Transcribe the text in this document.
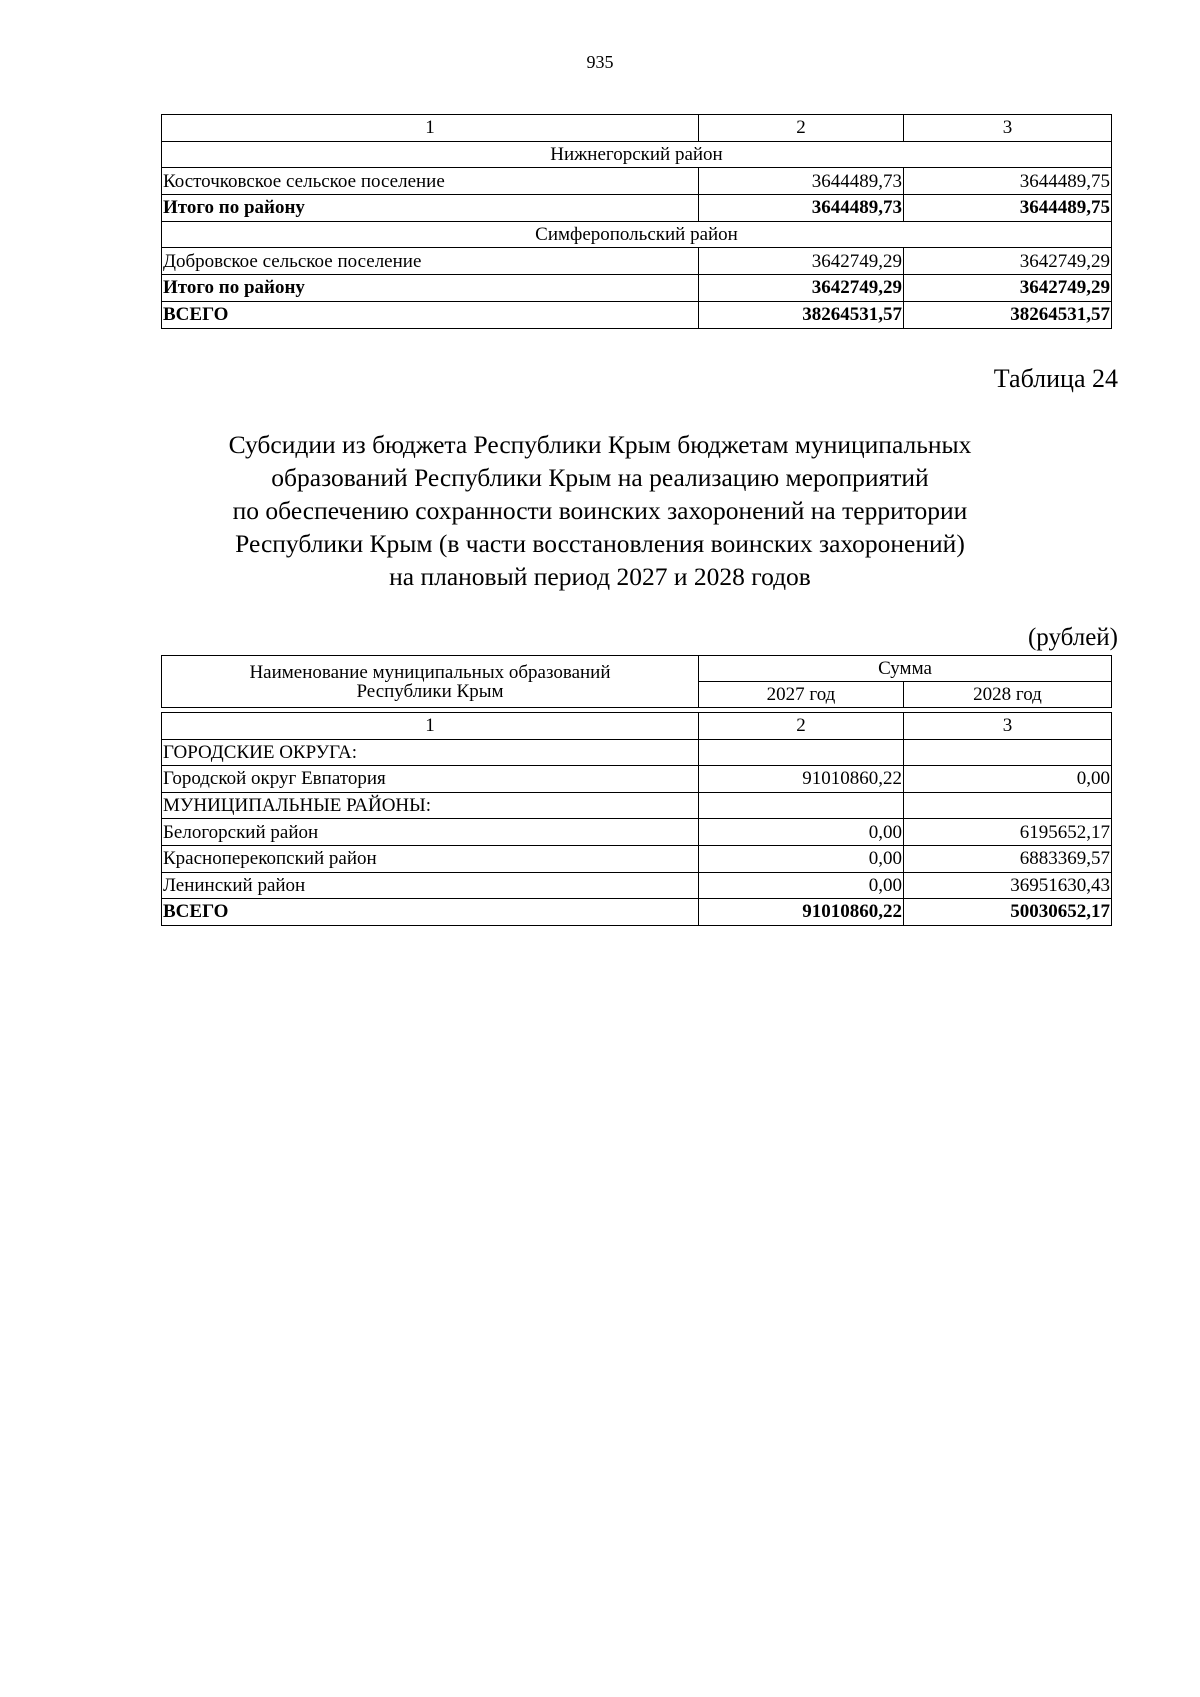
935
1	2	3
Нижнегорский район		
Косточковское сельское поселение	3644489,73	3644489,75
Итого по району	3644489,73	3644489,75
Симферопольский район		
Добровское сельское поселение	3642749,29	3642749,29
Итого по району	3642749,29	3642749,29
ВСЕГО	38264531,57	38264531,57
Таблица 24
Субсидии из бюджета Республики Крым бюджетам муниципальных
образований Республики Крым на реализацию мероприятий
по обеспечению сохранности воинских захоронений на территории
Республики Крым (в части восстановления воинских захоронений)
на плановый период 2027 и 2028 годов
(рублей)
Наименование муниципальных образований
Республики Крым	Сумма	
	2027 год	2028 год
1	2	3
ГОРОДСКИЕ ОКРУГА:		
Городской округ Евпатория	91010860,22	0,00
МУНИЦИПАЛЬНЫЕ РАЙОНЫ:		
Белогорский район	0,00	6195652,17
Красноперекопский район	0,00	6883369,57
Ленинский район	0,00	36951630,43
ВСЕГО	91010860,22	50030652,17
